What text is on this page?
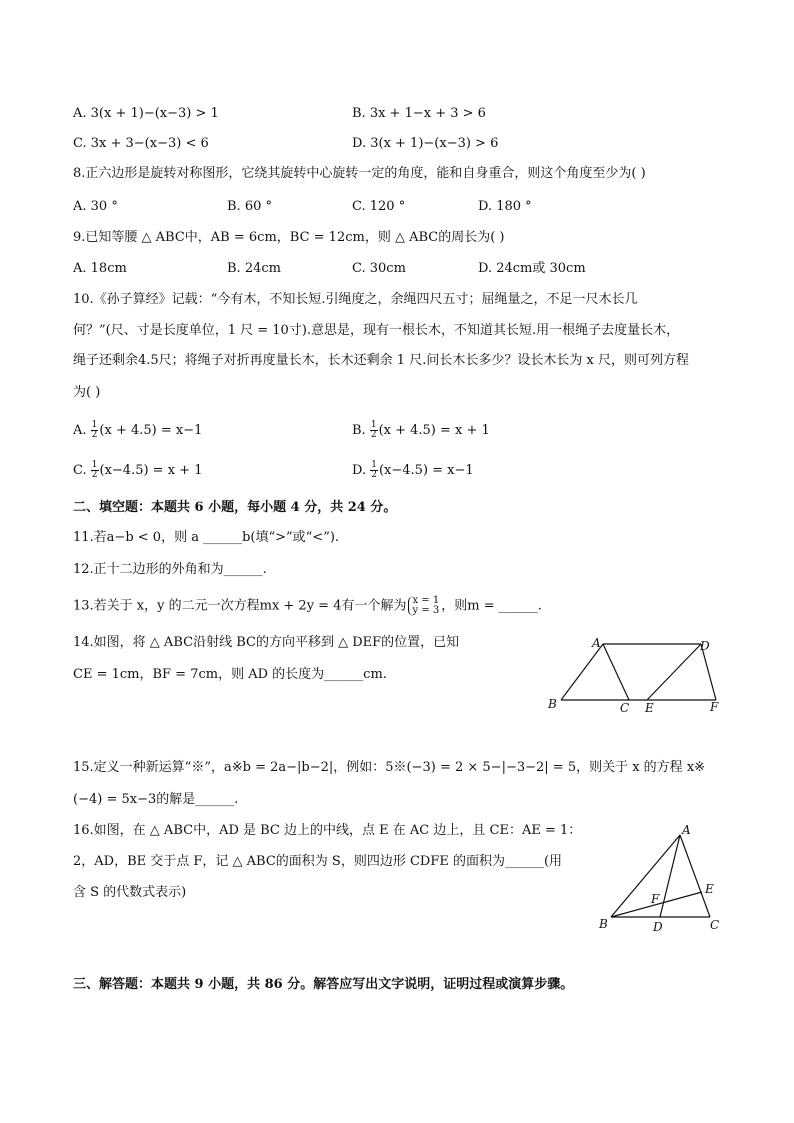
A. 3(x + 1)−(x−3) > 1	B. 3x + 1−x + 3 > 6
C. 3x + 3−(x−3) < 6	D. 3(x + 1)−(x−3) > 6
8.正六边形是旋转对称图形，它绕其旋转中心旋转一定的角度，能和自身重合，则这个角度至少为( )
A. 30 °	B. 60 °	C. 120 °	D. 180 °
9.已知等腰 △ ABC中，AB = 6cm，BC = 12cm，则 △ ABC的周长为( )
A. 18cm	B. 24cm	C. 30cm	D. 24cm或 30cm
10.《孙子算经》记载：“今有木，不知长短.引绳度之，余绳四尺五寸；屈绳量之，不足一尺木长几
何？”(尺、寸是长度单位，1 尺 = 10寸).意思是，现有一根长木，不知道其长短.用一根绳子去度量长木，
绳子还剩余4.5尺；将绳子对折再度量长木，长木还剩余 1 尺.问长木长多少？设长木长为 x 尺，则可列方程
为( )
A. $\frac{1}{2} (x + 4.5) = x-1$	B. $\frac{1}{2} (x + 4.5) = x + 1$
C. $\frac{1}{2} (x-4.5) = x + 1$	D. $\frac{1}{2} (x-4.5) = x-1$
二、填空题：本题共 6 小题，每小题 4 分，共 24 分。
11.若a−b < 0，则 a ______b(填“>”或“<”).
12.正十二边形的外角和为______.
13.若关于 x，y 的二元一次方程mx + 2y = 4有一个解为 x = 1
y = 3 ，则m = ______.
14.如图，将 △ ABC沿射线 BC的方向平移到 △ DEF的位置，已知
CE = 1cm，BF = 7cm，则 AD 的长度为______cm.
A	D
B	C E	F
15.定义一种新运算“※”，a※b = 2a−|b−2|，例如：5※(−3) = 2 × 5−|−3−2| = 5，则关于 x 的方程 x※
(−4) = 5x−3的解是______.
16.如图，在 △ ABC中，AD 是 BC 边上的中线，点 E 在 AC 边上，且 CE：AE = 1：
2，AD，BE 交于点 F，记 △ ABC的面积为 S，则四边形 CDFE 的面积为______(用
含 S 的代数式表示)
A
B	C
D
E
F
三、解答题：本题共 9 小题，共 86 分。解答应写出文字说明，证明过程或演算步骤。
